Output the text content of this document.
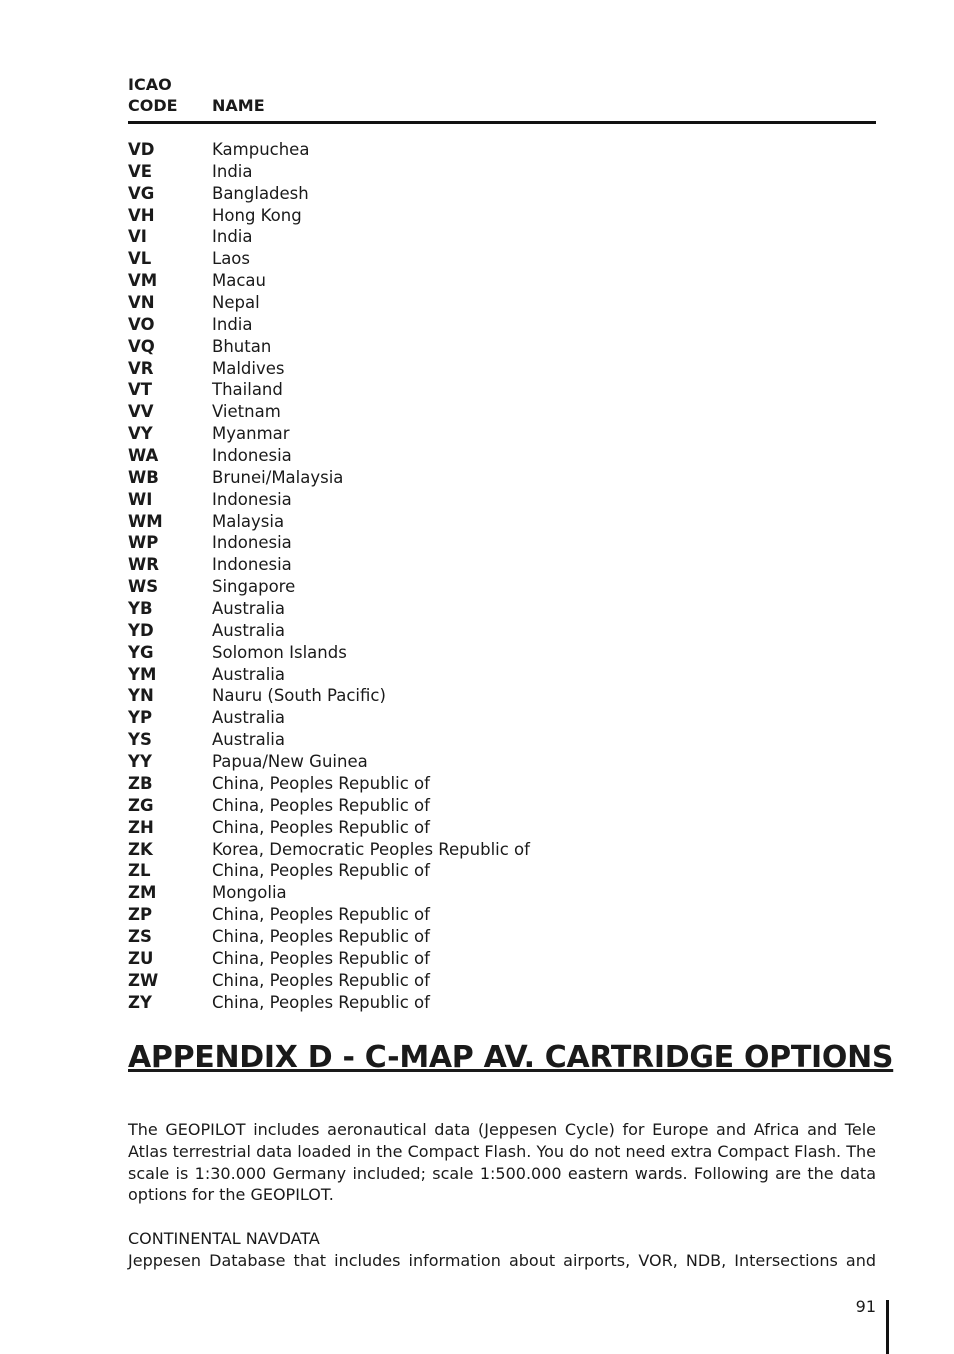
ICAO
CODE	NAME
VD	Kampuchea
VE	India
VG	Bangladesh
VH	Hong Kong
VI	India
VL	Laos
VM	Macau
VN	Nepal
VO	India
VQ	Bhutan
VR	Maldives
VT	Thailand
VV	Vietnam
VY	Myanmar
WA	Indonesia
WB	Brunei/Malaysia
WI	Indonesia
WM	Malaysia
WP	Indonesia
WR	Indonesia
WS	Singapore
YB	Australia
YD	Australia
YG	Solomon Islands
YM	Australia
YN	Nauru (South Pacific)
YP	Australia
YS	Australia
YY	Papua/New Guinea
ZB	China, Peoples Republic of
ZG	China, Peoples Republic of
ZH	China, Peoples Republic of
ZK	Korea, Democratic Peoples Republic of
ZL	China, Peoples Republic of
ZM	Mongolia
ZP	China, Peoples Republic of
ZS	China, Peoples Republic of
ZU	China, Peoples Republic of
ZW	China, Peoples Republic of
ZY	China, Peoples Republic of
APPENDIX D - C-MAP AV. CARTRIDGE OPTIONS
The GEOPILOT includes aeronautical data (Jeppesen Cycle) for Europe and Africa and Tele Atlas terrestrial data loaded in the Compact Flash. You do not need extra Compact Flash. The scale is 1:30.000 Germany included; scale 1:500.000 eastern wards. Following are the data options for the GEOPILOT.
CONTINENTAL NAVDATA
Jeppesen Database that includes information about airports, VOR, NDB, Intersections and
91
